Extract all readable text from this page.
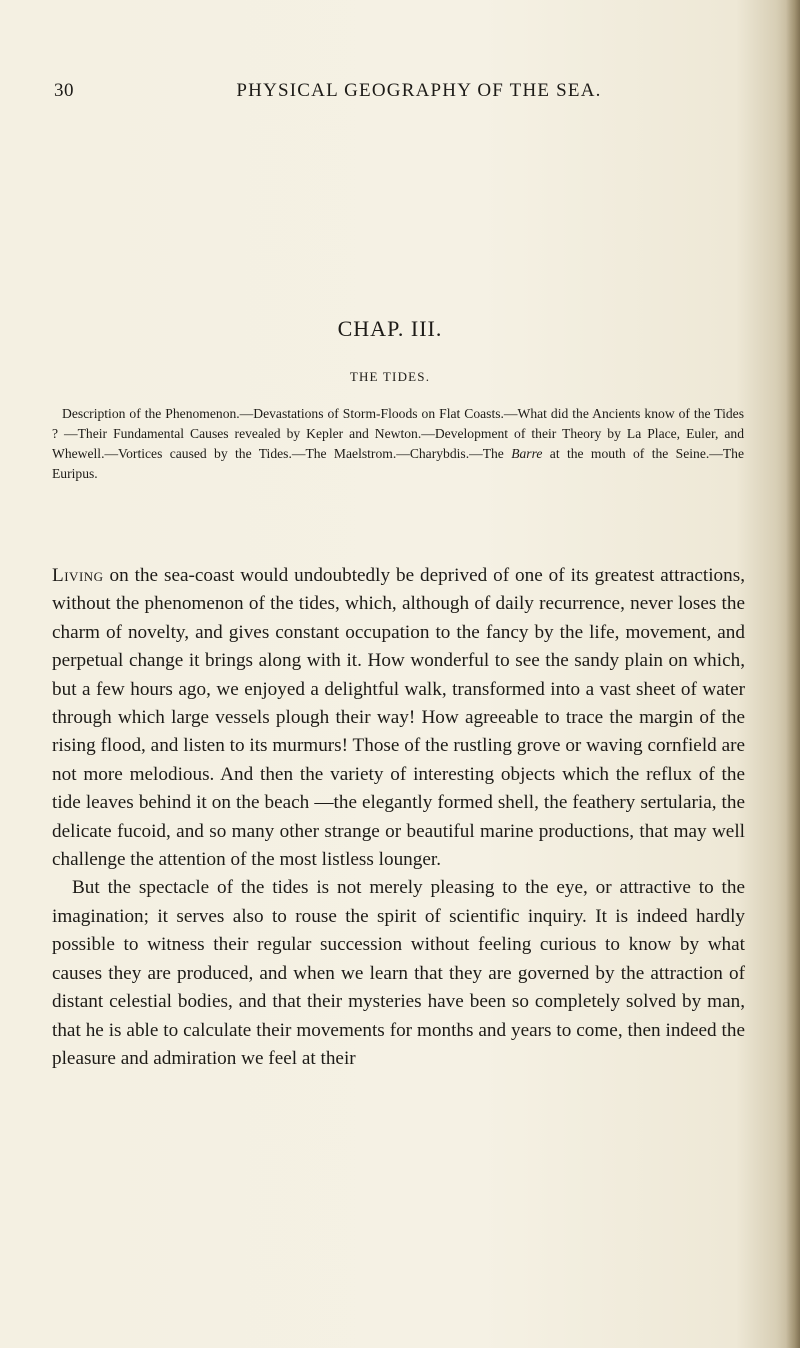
30	PHYSICAL GEOGRAPHY OF THE SEA.
CHAP. III.
THE TIDES.
Description of the Phenomenon.—Devastations of Storm-Floods on Flat Coasts.—What did the Ancients know of the Tides ? —Their Fundamental Causes revealed by Kepler and Newton.—Development of their Theory by La Place, Euler, and Whewell.—Vortices caused by the Tides.—The Maelstrom.—Charybdis.—The Barre at the mouth of the Seine.—The Euripus.

Living on the sea-coast would undoubtedly be deprived of one of its greatest attractions, without the phenomenon of the tides, which, although of daily recurrence, never loses the charm of novelty, and gives constant occupation to the fancy by the life, movement, and perpetual change it brings along with it. How wonderful to see the sandy plain on which, but a few hours ago, we enjoyed a delightful walk, transformed into a vast sheet of water through which large vessels plough their way! How agreeable to trace the margin of the rising flood, and listen to its murmurs! Those of the rustling grove or waving cornfield are not more melodious. And then the variety of interesting objects which the reflux of the tide leaves behind it on the beach —the elegantly formed shell, the feathery sertularia, the delicate fucoid, and so many other strange or beautiful marine productions, that may well challenge the attention of the most listless lounger.

But the spectacle of the tides is not merely pleasing to the eye, or attractive to the imagination; it serves also to rouse the spirit of scientific inquiry. It is indeed hardly possible to witness their regular succession without feeling curious to know by what causes they are produced, and when we learn that they are governed by the attraction of distant celestial bodies, and that their mysteries have been so completely solved by man, that he is able to calculate their movements for months and years to come, then indeed the pleasure and admiration we feel at their
